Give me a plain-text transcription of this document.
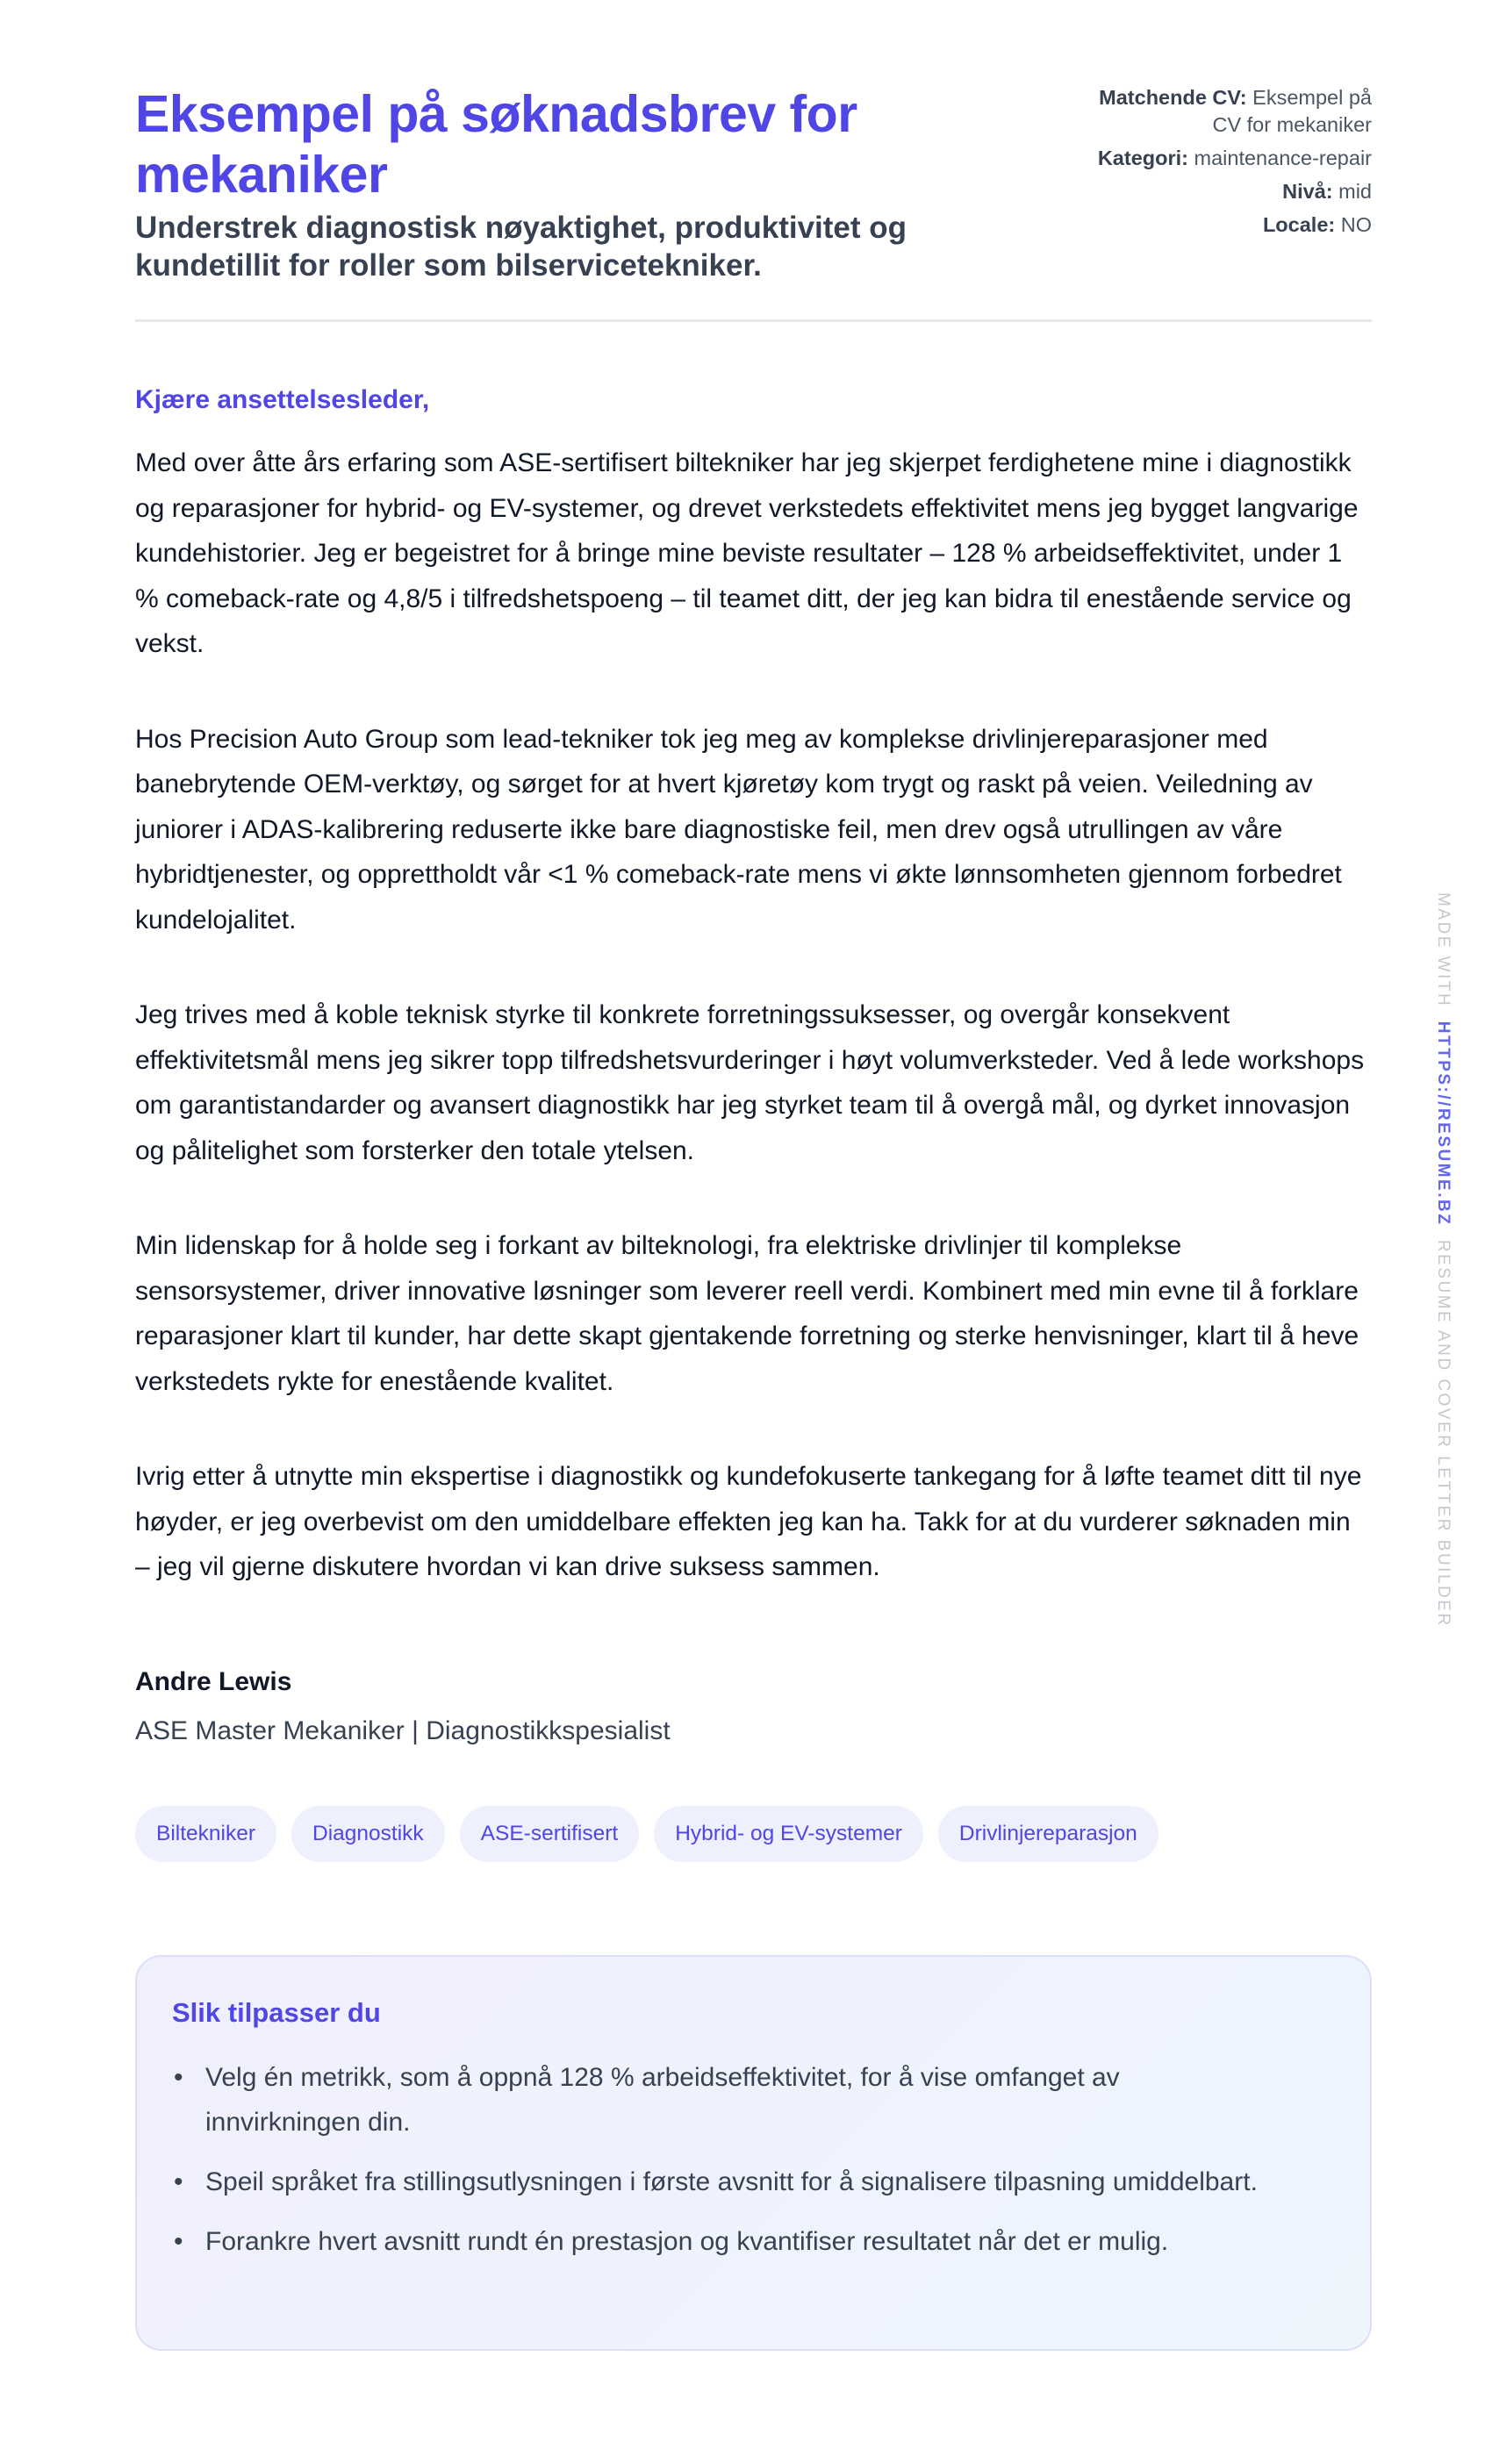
Eksempel på søknadsbrev for mekaniker
Understrek diagnostisk nøyaktighet, produktivitet og kundetillit for roller som bilservicetekniker.
Matchende CV: Eksempel på CV for mekaniker
Kategori: maintenance-repair
Nivå: mid
Locale: NO
Kjære ansettelsesleder,

Med over åtte års erfaring som ASE-sertifisert biltekniker har jeg skjerpet ferdighetene mine i diagnostikk og reparasjoner for hybrid- og EV-systemer, og drevet verkstedets effektivitet mens jeg bygget langvarige kundehistorier. Jeg er begeistret for å bringe mine beviste resultater – 128 % arbeidseffektivitet, under 1 % comeback-rate og 4,8/5 i tilfredshetspoeng – til teamet ditt, der jeg kan bidra til enestående service og vekst.

Hos Precision Auto Group som lead-tekniker tok jeg meg av komplekse drivlinjereparasjoner med banebrytende OEM-verktøy, og sørget for at hvert kjøretøy kom trygt og raskt på veien. Veiledning av juniorer i ADAS-kalibrering reduserte ikke bare diagnostiske feil, men drev også utrullingen av våre hybridtjenester, og opprettholdt vår <1 % comeback-rate mens vi økte lønnsomheten gjennom forbedret kundelojalitet.

Jeg trives med å koble teknisk styrke til konkrete forretningssuksesser, og overgår konsekvent effektivitetsmål mens jeg sikrer topp tilfredshetsvurderinger i høyt volumverksteder. Ved å lede workshops om garantistandarder og avansert diagnostikk har jeg styrket team til å overgå mål, og dyrket innovasjon og pålitelighet som forsterker den totale ytelsen.

Min lidenskap for å holde seg i forkant av bilteknologi, fra elektriske drivlinjer til komplekse sensorsystemer, driver innovative løsninger som leverer reell verdi. Kombinert med min evne til å forklare reparasjoner klart til kunder, har dette skapt gjentakende forretning og sterke henvisninger, klart til å heve verkstedets rykte for enestående kvalitet.

Ivrig etter å utnytte min ekspertise i diagnostikk og kundefokuserte tankegang for å løfte teamet ditt til nye høyder, er jeg overbevist om den umiddelbare effekten jeg kan ha. Takk for at du vurderer søknaden min – jeg vil gjerne diskutere hvordan vi kan drive suksess sammen.

Andre Lewis
ASE Master Mekaniker | Diagnostikkspesialist
Biltekniker	Diagnostikk	ASE-sertifisert	Hybrid- og EV-systemer	Drivlinjereparasjon
Slik tilpasser du
• Velg én metrikk, som å oppnå 128 % arbeidseffektivitet, for å vise omfanget av innvirkningen din.
• Speil språket fra stillingsutlysningen i første avsnitt for å signalisere tilpasning umiddelbart.
• Forankre hvert avsnitt rundt én prestasjon og kvantifiser resultatet når det er mulig.
MADE WITH  HTTPS://RESUME.BZ  RESUME AND COVER LETTER BUILDER
